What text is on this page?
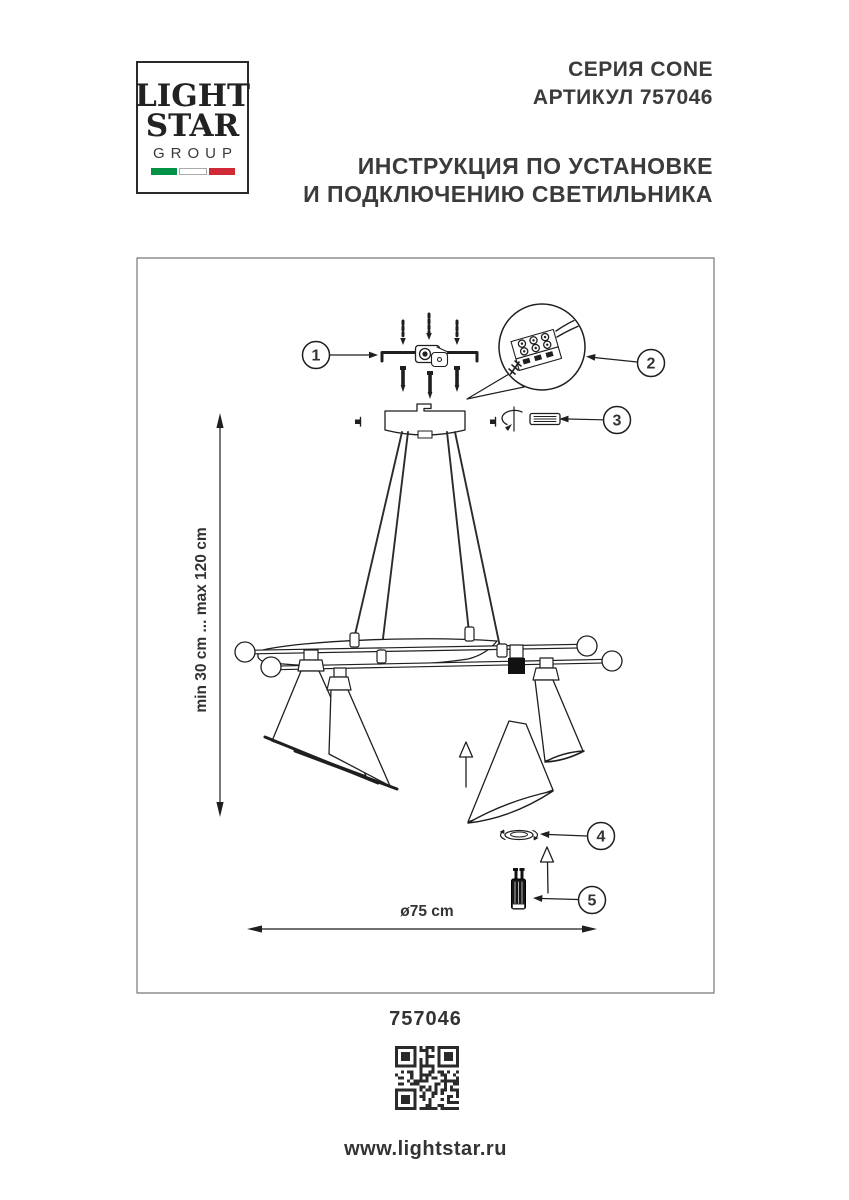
LIGHT
STAR
GROUP
СЕРИЯ CONE
АРТИКУЛ 757046
ИНСТРУКЦИЯ ПО УСТАНОВКЕ
И ПОДКЛЮЧЕНИЮ СВЕТИЛЬНИКА
1	2
3
4
5
min 30 cm ... max 120 cm
ø75 cm
757046
www.lightstar.ru
